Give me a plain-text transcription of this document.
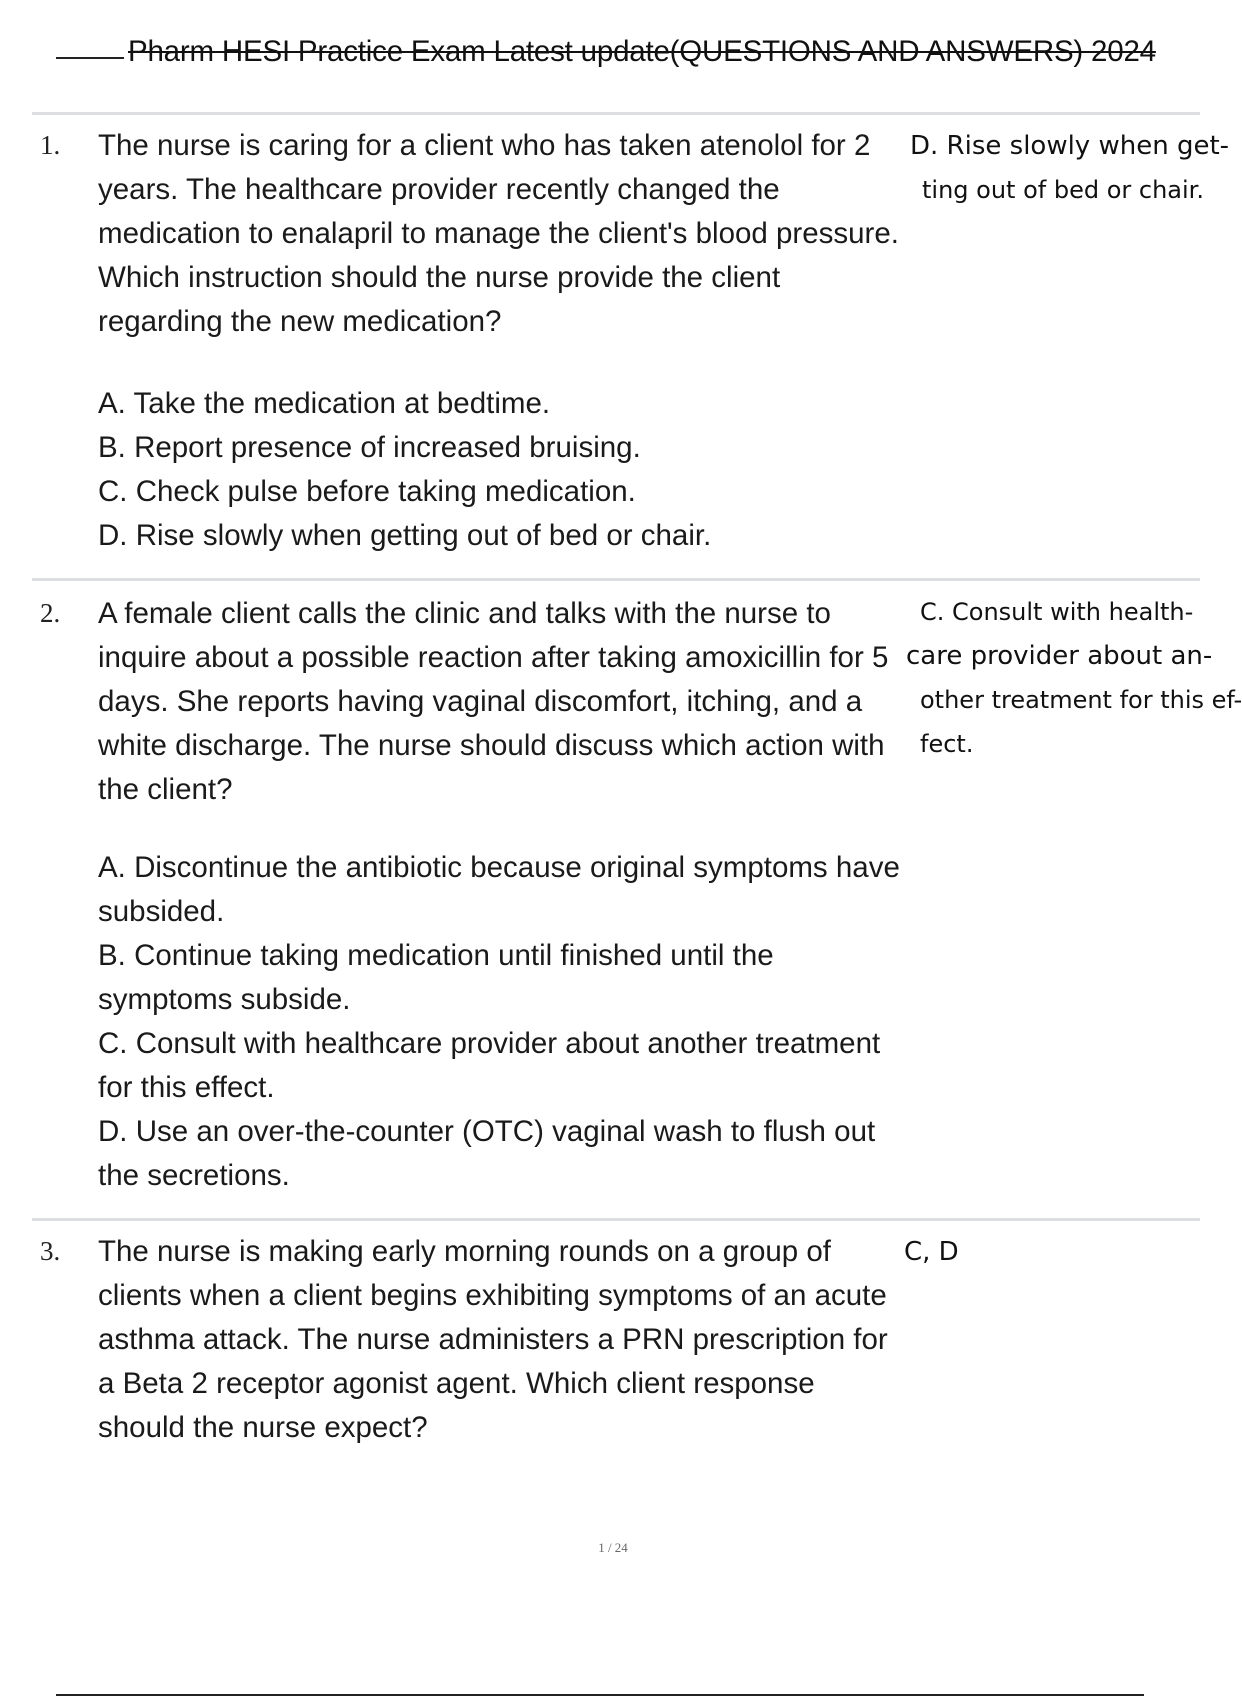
Pharm HESI Practice Exam Latest update(QUESTIONS AND ANSWERS) 2024
1. The nurse is caring for a client who has taken atenolol for 2 years. The healthcare provider recently changed the medication to enalapril to manage the client's blood pressure. Which instruction should the nurse provide the client regarding the new medication?
A. Take the medication at bedtime.
B. Report presence of increased bruising.
C. Check pulse before taking medication.
D. Rise slowly when getting out of bed or chair.
D. Rise slowly when get-
ting out of bed or chair.
2. A female client calls the clinic and talks with the nurse to inquire about a possible reaction after taking amoxicillin for 5 days. She reports having vaginal discomfort, itching, and a white discharge. The nurse should discuss which action with the client?
A. Discontinue the antibiotic because original symptoms have subsided.
B. Continue taking medication until finished until the symptoms subside.
C. Consult with healthcare provider about another treatment for this effect.
D. Use an over-the-counter (OTC) vaginal wash to flush out the secretions.
C. Consult with health-
care provider about an-
other treatment for this ef-
fect.
3. The nurse is making early morning rounds on a group of clients when a client begins exhibiting symptoms of an acute asthma attack. The nurse administers a PRN prescription for a Beta 2 receptor agonist agent. Which client response should the nurse expect?
C, D
1 / 24
